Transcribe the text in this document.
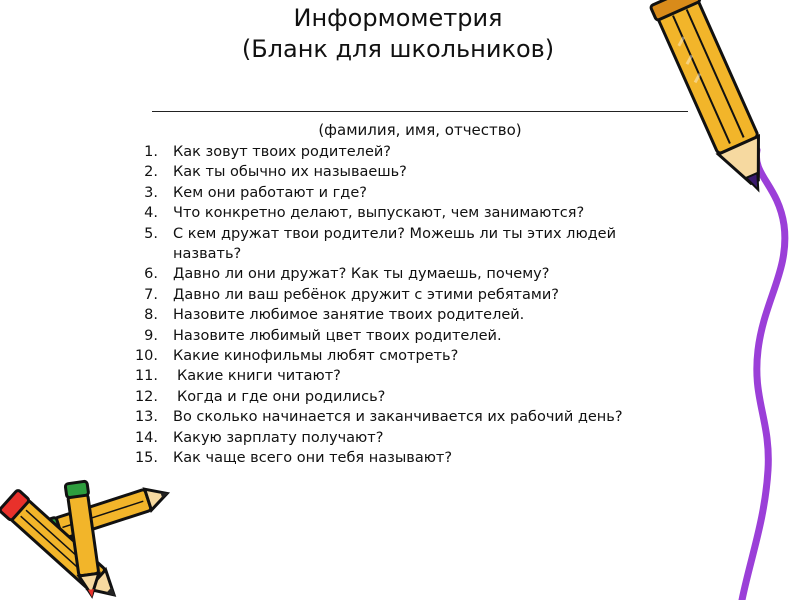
Информометрия
(Бланк для школьников)
(фамилия, имя, отчество)
1.	Как зовут твоих родителей?
2.	Как ты обычно их называешь?
3.	Кем они работают и где?
4.	Что конкретно делают, выпускают, чем занимаются?
5.	С кем дружат твои родители? Можешь ли ты этих людей назвать?
6.	Давно ли они дружат? Как ты думаешь, почему?
7.	Давно ли ваш ребёнок дружит с этими ребятами?
8.	Назовите любимое занятие твоих родителей.
9.	Назовите любимый цвет твоих родителей.
10.	Какие кинофильмы любят смотреть?
11.	Какие книги читают?
12.	Когда и где они родились?
13.	Во сколько начинается и заканчивается их рабочий день?
14.	Какую зарплату получают?
15.	Как чаще всего они тебя называют?
